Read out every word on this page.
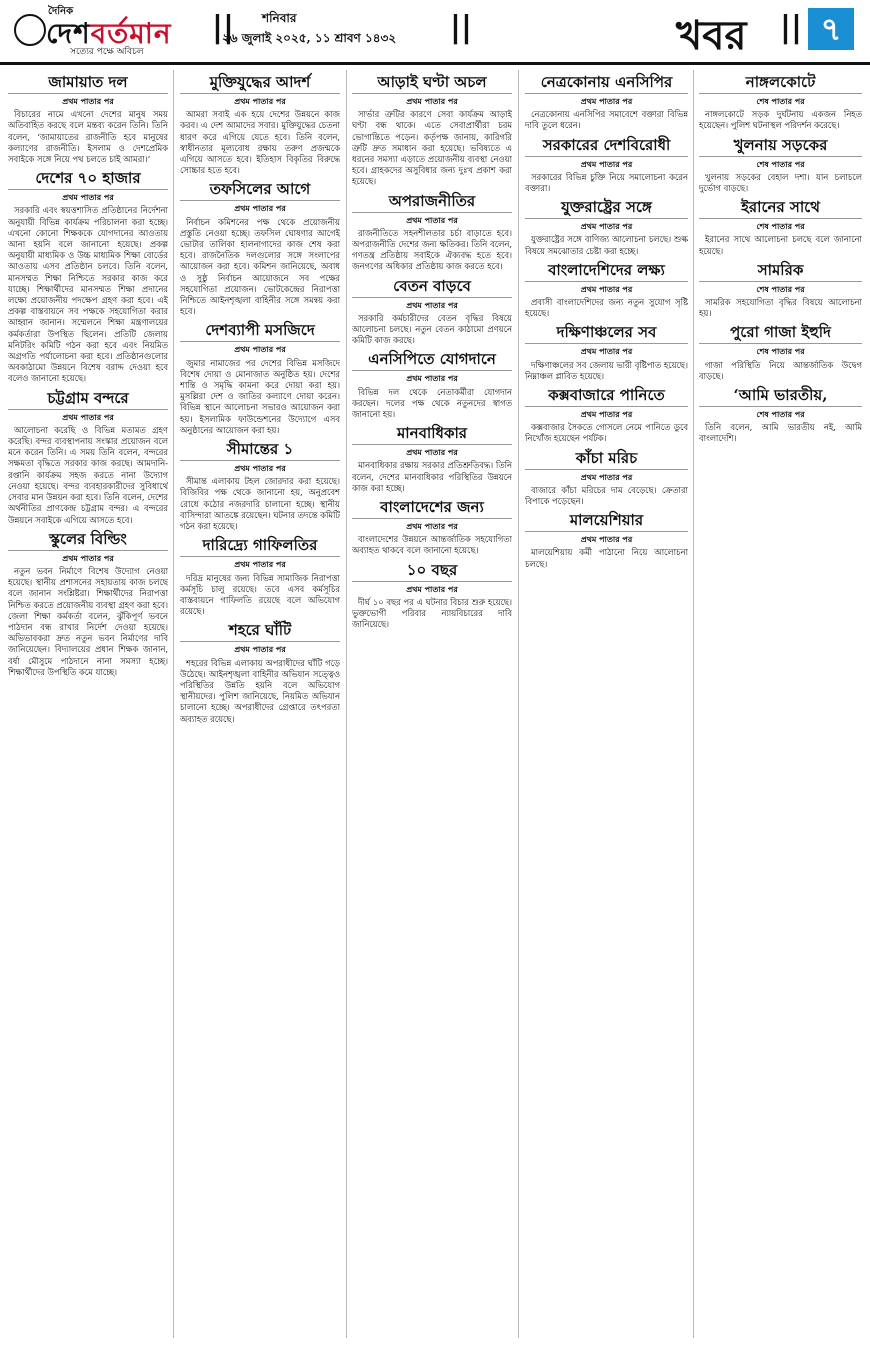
দৈনিক
দেশবর্তমান
সত্যের পক্ষে অবিচল
|| শনিবার
২৬ জুলাই ২০২৫, ১১ শ্রাবণ ১৪৩২ ||	খবর || ৭
জামায়াত দল
প্রথম পাতার পর

বিচারের নামে এখনো দেশের মানুষ সময় অতিবাহিত করছে বলে মন্তব্য করেন তিনি। তিনি বলেন, ‘জামায়াতের রাজনীতি হবে মানুষের কল্যাণের রাজনীতি। ইসলাম ও দেশপ্রেমিক সবাইকে সঙ্গে নিয়ে পথ চলতে চাই আমরা।’

দেশের ৭০ হাজার
প্রথম পাতার পর

সরকারি এবং স্বয়ত্তশাসিত প্রতিষ্ঠানের নির্দেশনা অনুযায়ী বিভিন্ন কার্যক্রম পরিচালনা করা হচ্ছে। এখনো কোনো শিক্ষককে যোগদানের আওতায় আনা হয়নি বলে জানানো হয়েছে। প্রকল্প অনুযায়ী মাধ্যমিক ও উচ্চ মাধ্যমিক শিক্ষা বোর্ডের আওতায় এসব প্রতিষ্ঠান চলবে। তিনি বলেন, মানসম্মত শিক্ষা নিশ্চিতে সরকার কাজ করে যাচ্ছে। শিক্ষার্থীদের মানসম্মত শিক্ষা প্রদানের লক্ষ্যে প্রয়োজনীয় পদক্ষেপ গ্রহণ করা হবে। এই প্রকল্প বাস্তবায়নে সব পক্ষকে সহযোগিতা করার আহ্বান জানান। সম্মেলনে শিক্ষা মন্ত্রণালয়ের কর্মকর্তারা উপস্থিত ছিলেন। প্রতিটি জেলায় মনিটরিং কমিটি গঠন করা হবে এবং নিয়মিত অগ্রগতি পর্যালোচনা করা হবে। প্রতিষ্ঠানগুলোর অবকাঠামো উন্নয়নে বিশেষ বরাদ্দ দেওয়া হবে বলেও জানানো হয়েছে।

চট্টগ্রাম বন্দরে
প্রথম পাতার পর

আলোচনা করেছি ও বিভিন্ন মতামত গ্রহণ করেছি। বন্দর ব্যবস্থাপনায় সংস্কার প্রয়োজন বলে মনে করেন তিনি। এ সময় তিনি বলেন, বন্দরের সক্ষমতা বৃদ্ধিতে সরকার কাজ করছে। আমদানি-রপ্তানি কার্যক্রম সহজ করতে নানা উদ্যোগ নেওয়া হয়েছে। বন্দর ব্যবহারকারীদের সুবিধার্থে সেবার মান উন্নয়ন করা হবে। তিনি বলেন, দেশের অর্থনীতির প্রাণকেন্দ্র চট্টগ্রাম বন্দর। এ বন্দরের উন্নয়নে সবাইকে এগিয়ে আসতে হবে।

স্কুলের বিল্ডিং
প্রথম পাতার পর

নতুন ভবন নির্মাণে বিশেষ উদ্যোগ নেওয়া হয়েছে। স্থানীয় প্রশাসনের সহায়তায় কাজ চলছে বলে জানান সংশ্লিষ্টরা। শিক্ষার্থীদের নিরাপত্তা নিশ্চিত করতে প্রয়োজনীয় ব্যবস্থা গ্রহণ করা হবে। জেলা শিক্ষা কর্মকর্তা বলেন, ঝুঁকিপূর্ণ ভবনে পাঠদান বন্ধ রাখার নির্দেশ দেওয়া হয়েছে। অভিভাবকরা দ্রুত নতুন ভবন নির্মাণের দাবি জানিয়েছেন। বিদ্যালয়ের প্রধান শিক্ষক জানান, বর্ষা মৌসুমে পাঠদানে নানা সমস্যা হচ্ছে। শিক্ষার্থীদের উপস্থিতি কমে যাচ্ছে।

মুক্তিযুদ্ধের আদর্শ
প্রথম পাতার পর

আমরা সবাই এক হয়ে দেশের উন্নয়নে কাজ করব। এ দেশ আমাদের সবার। মুক্তিযুদ্ধের চেতনা ধারণ করে এগিয়ে যেতে হবে। তিনি বলেন, স্বাধীনতার মূল্যবোধ রক্ষায় তরুণ প্রজন্মকে এগিয়ে আসতে হবে। ইতিহাস বিকৃতির বিরুদ্ধে সোচ্চার হতে হবে।

তফসিলের আগে
প্রথম পাতার পর

নির্বাচন কমিশনের পক্ষ থেকে প্রয়োজনীয় প্রস্তুতি নেওয়া হচ্ছে। তফসিল ঘোষণার আগেই ভোটার তালিকা হালনাগাদের কাজ শেষ করা হবে। রাজনৈতিক দলগুলোর সঙ্গে সংলাপের আয়োজন করা হবে। কমিশন জানিয়েছে, অবাধ ও সুষ্ঠু নির্বাচন আয়োজনে সব পক্ষের সহযোগিতা প্রয়োজন। ভোটকেন্দ্রের নিরাপত্তা নিশ্চিতে আইনশৃঙ্খলা বাহিনীর সঙ্গে সমন্বয় করা হবে।

দেশব্যাপী মসজিদে
প্রথম পাতার পর

জুমার নামাজের পর দেশের বিভিন্ন মসজিদে বিশেষ দোয়া ও মোনাজাত অনুষ্ঠিত হয়। দেশের শান্তি ও সমৃদ্ধি কামনা করে দোয়া করা হয়। মুসল্লিরা দেশ ও জাতির কল্যাণে দোয়া করেন। বিভিন্ন স্থানে আলোচনা সভারও আয়োজন করা হয়। ইসলামিক ফাউন্ডেশনের উদ্যোগে এসব অনুষ্ঠানের আয়োজন করা হয়।

সীমান্তের ১
প্রথম পাতার পর

সীমান্ত এলাকায় টহল জোরদার করা হয়েছে। বিজিবির পক্ষ থেকে জানানো হয়, অনুপ্রবেশ রোধে কঠোর নজরদারি চালানো হচ্ছে। স্থানীয় বাসিন্দারা আতঙ্কে রয়েছেন। ঘটনার তদন্তে কমিটি গঠন করা হয়েছে।

দারিদ্র্যে গাফিলতির
প্রথম পাতার পর

দরিদ্র মানুষের জন্য বিভিন্ন সামাজিক নিরাপত্তা কর্মসূচি চালু রয়েছে। তবে এসব কর্মসূচির বাস্তবায়নে গাফিলতি রয়েছে বলে অভিযোগ রয়েছে।

শহরে ঘাঁটি
প্রথম পাতার পর

শহরের বিভিন্ন এলাকায় অপরাধীদের ঘাঁটি গড়ে উঠেছে। আইনশৃঙ্খলা বাহিনীর অভিযান সত্ত্বেও পরিস্থিতির উন্নতি হয়নি বলে অভিযোগ স্থানীয়দের। পুলিশ জানিয়েছে, নিয়মিত অভিযান চালানো হচ্ছে। অপরাধীদের গ্রেপ্তারে তৎপরতা অব্যাহত রয়েছে।

আড়াই ঘণ্টা অচল
প্রথম পাতার পর

সার্ভার ত্রুটির কারণে সেবা কার্যক্রম আড়াই ঘণ্টা বন্ধ থাকে। এতে সেবাপ্রার্থীরা চরম ভোগান্তিতে পড়েন। কর্তৃপক্ষ জানায়, কারিগরি ত্রুটি দ্রুত সমাধান করা হয়েছে। ভবিষ্যতে এ ধরনের সমস্যা এড়াতে প্রয়োজনীয় ব্যবস্থা নেওয়া হবে। গ্রাহকদের অসুবিধার জন্য দুঃখ প্রকাশ করা হয়েছে।

অপরাজনীতির
প্রথম পাতার পর

রাজনীতিতে সহনশীলতার চর্চা বাড়াতে হবে। অপরাজনীতি দেশের জন্য ক্ষতিকর। তিনি বলেন, গণতন্ত্র প্রতিষ্ঠায় সবাইকে ঐক্যবদ্ধ হতে হবে। জনগণের অধিকার প্রতিষ্ঠায় কাজ করতে হবে।

বেতন বাড়বে
প্রথম পাতার পর

সরকারি কর্মচারীদের বেতন বৃদ্ধির বিষয়ে আলোচনা চলছে। নতুন বেতন কাঠামো প্রণয়নে কমিটি কাজ করছে।

এনসিপিতে যোগদানে
প্রথম পাতার পর

বিভিন্ন দল থেকে নেতাকর্মীরা যোগদান করছেন। দলের পক্ষ থেকে নতুনদের স্বাগত জানানো হয়।

মানবাধিকার
প্রথম পাতার পর

মানবাধিকার রক্ষায় সরকার প্রতিশ্রুতিবদ্ধ। তিনি বলেন, দেশের মানবাধিকার পরিস্থিতির উন্নয়নে কাজ করা হচ্ছে।

বাংলাদেশের জন্য
প্রথম পাতার পর

বাংলাদেশের উন্নয়নে আন্তর্জাতিক সহযোগিতা অব্যাহত থাকবে বলে জানানো হয়েছে।

১০ বছর
প্রথম পাতার পর

দীর্ঘ ১০ বছর পর এ ঘটনার বিচার শুরু হয়েছে। ভুক্তভোগী পরিবার ন্যায়বিচারের দাবি জানিয়েছে।

নেত্রকোনায় এনসিপির
প্রথম পাতার পর

নেত্রকোনায় এনসিপির সমাবেশে বক্তারা বিভিন্ন দাবি তুলে ধরেন।

সরকারের দেশবিরোধী
প্রথম পাতার পর

সরকারের বিভিন্ন চুক্তি নিয়ে সমালোচনা করেন বক্তারা।

যুক্তরাষ্ট্রের সঙ্গে
প্রথম পাতার পর

যুক্তরাষ্ট্রের সঙ্গে বাণিজ্য আলোচনা চলছে। শুল্ক বিষয়ে সমঝোতার চেষ্টা করা হচ্ছে।

বাংলাদেশিদের লক্ষ্য
প্রথম পাতার পর

প্রবাসী বাংলাদেশিদের জন্য নতুন সুযোগ সৃষ্টি হয়েছে।

দক্ষিণাঞ্চলের সব
প্রথম পাতার পর

দক্ষিণাঞ্চলের সব জেলায় ভারী বৃষ্টিপাত হয়েছে। নিম্নাঞ্চল প্লাবিত হয়েছে।

কক্সবাজারে পানিতে
প্রথম পাতার পর

কক্সবাজার সৈকতে গোসলে নেমে পানিতে ডুবে নিখোঁজ হয়েছেন পর্যটক।

কাঁচা মরিচ
প্রথম পাতার পর

বাজারে কাঁচা মরিচের দাম বেড়েছে। ক্রেতারা বিপাকে পড়েছেন।

মালয়েশিয়ার
প্রথম পাতার পর

মালয়েশিয়ায় কর্মী পাঠানো নিয়ে আলোচনা চলছে।

নাঙ্গলকোটে
শেষ পাতার পর

নাঙ্গলকোটে সড়ক দুর্ঘটনায় একজন নিহত হয়েছেন। পুলিশ ঘটনাস্থল পরিদর্শন করেছে।

খুলনায় সড়কের
শেষ পাতার পর

খুলনায় সড়কের বেহাল দশা। যান চলাচলে দুর্ভোগ বাড়ছে।

ইরানের সাথে
শেষ পাতার পর

ইরানের সাথে আলোচনা চলছে বলে জানানো হয়েছে।

সামরিক
শেষ পাতার পর

সামরিক সহযোগিতা বৃদ্ধির বিষয়ে আলোচনা হয়।

পুরো গাজা ইহুদি
শেষ পাতার পর

গাজা পরিস্থিতি নিয়ে আন্তর্জাতিক উদ্বেগ বাড়ছে।

‘আমি ভারতীয়,
শেষ পাতার পর

তিনি বলেন, আমি ভারতীয় নই, আমি বাংলাদেশি।
